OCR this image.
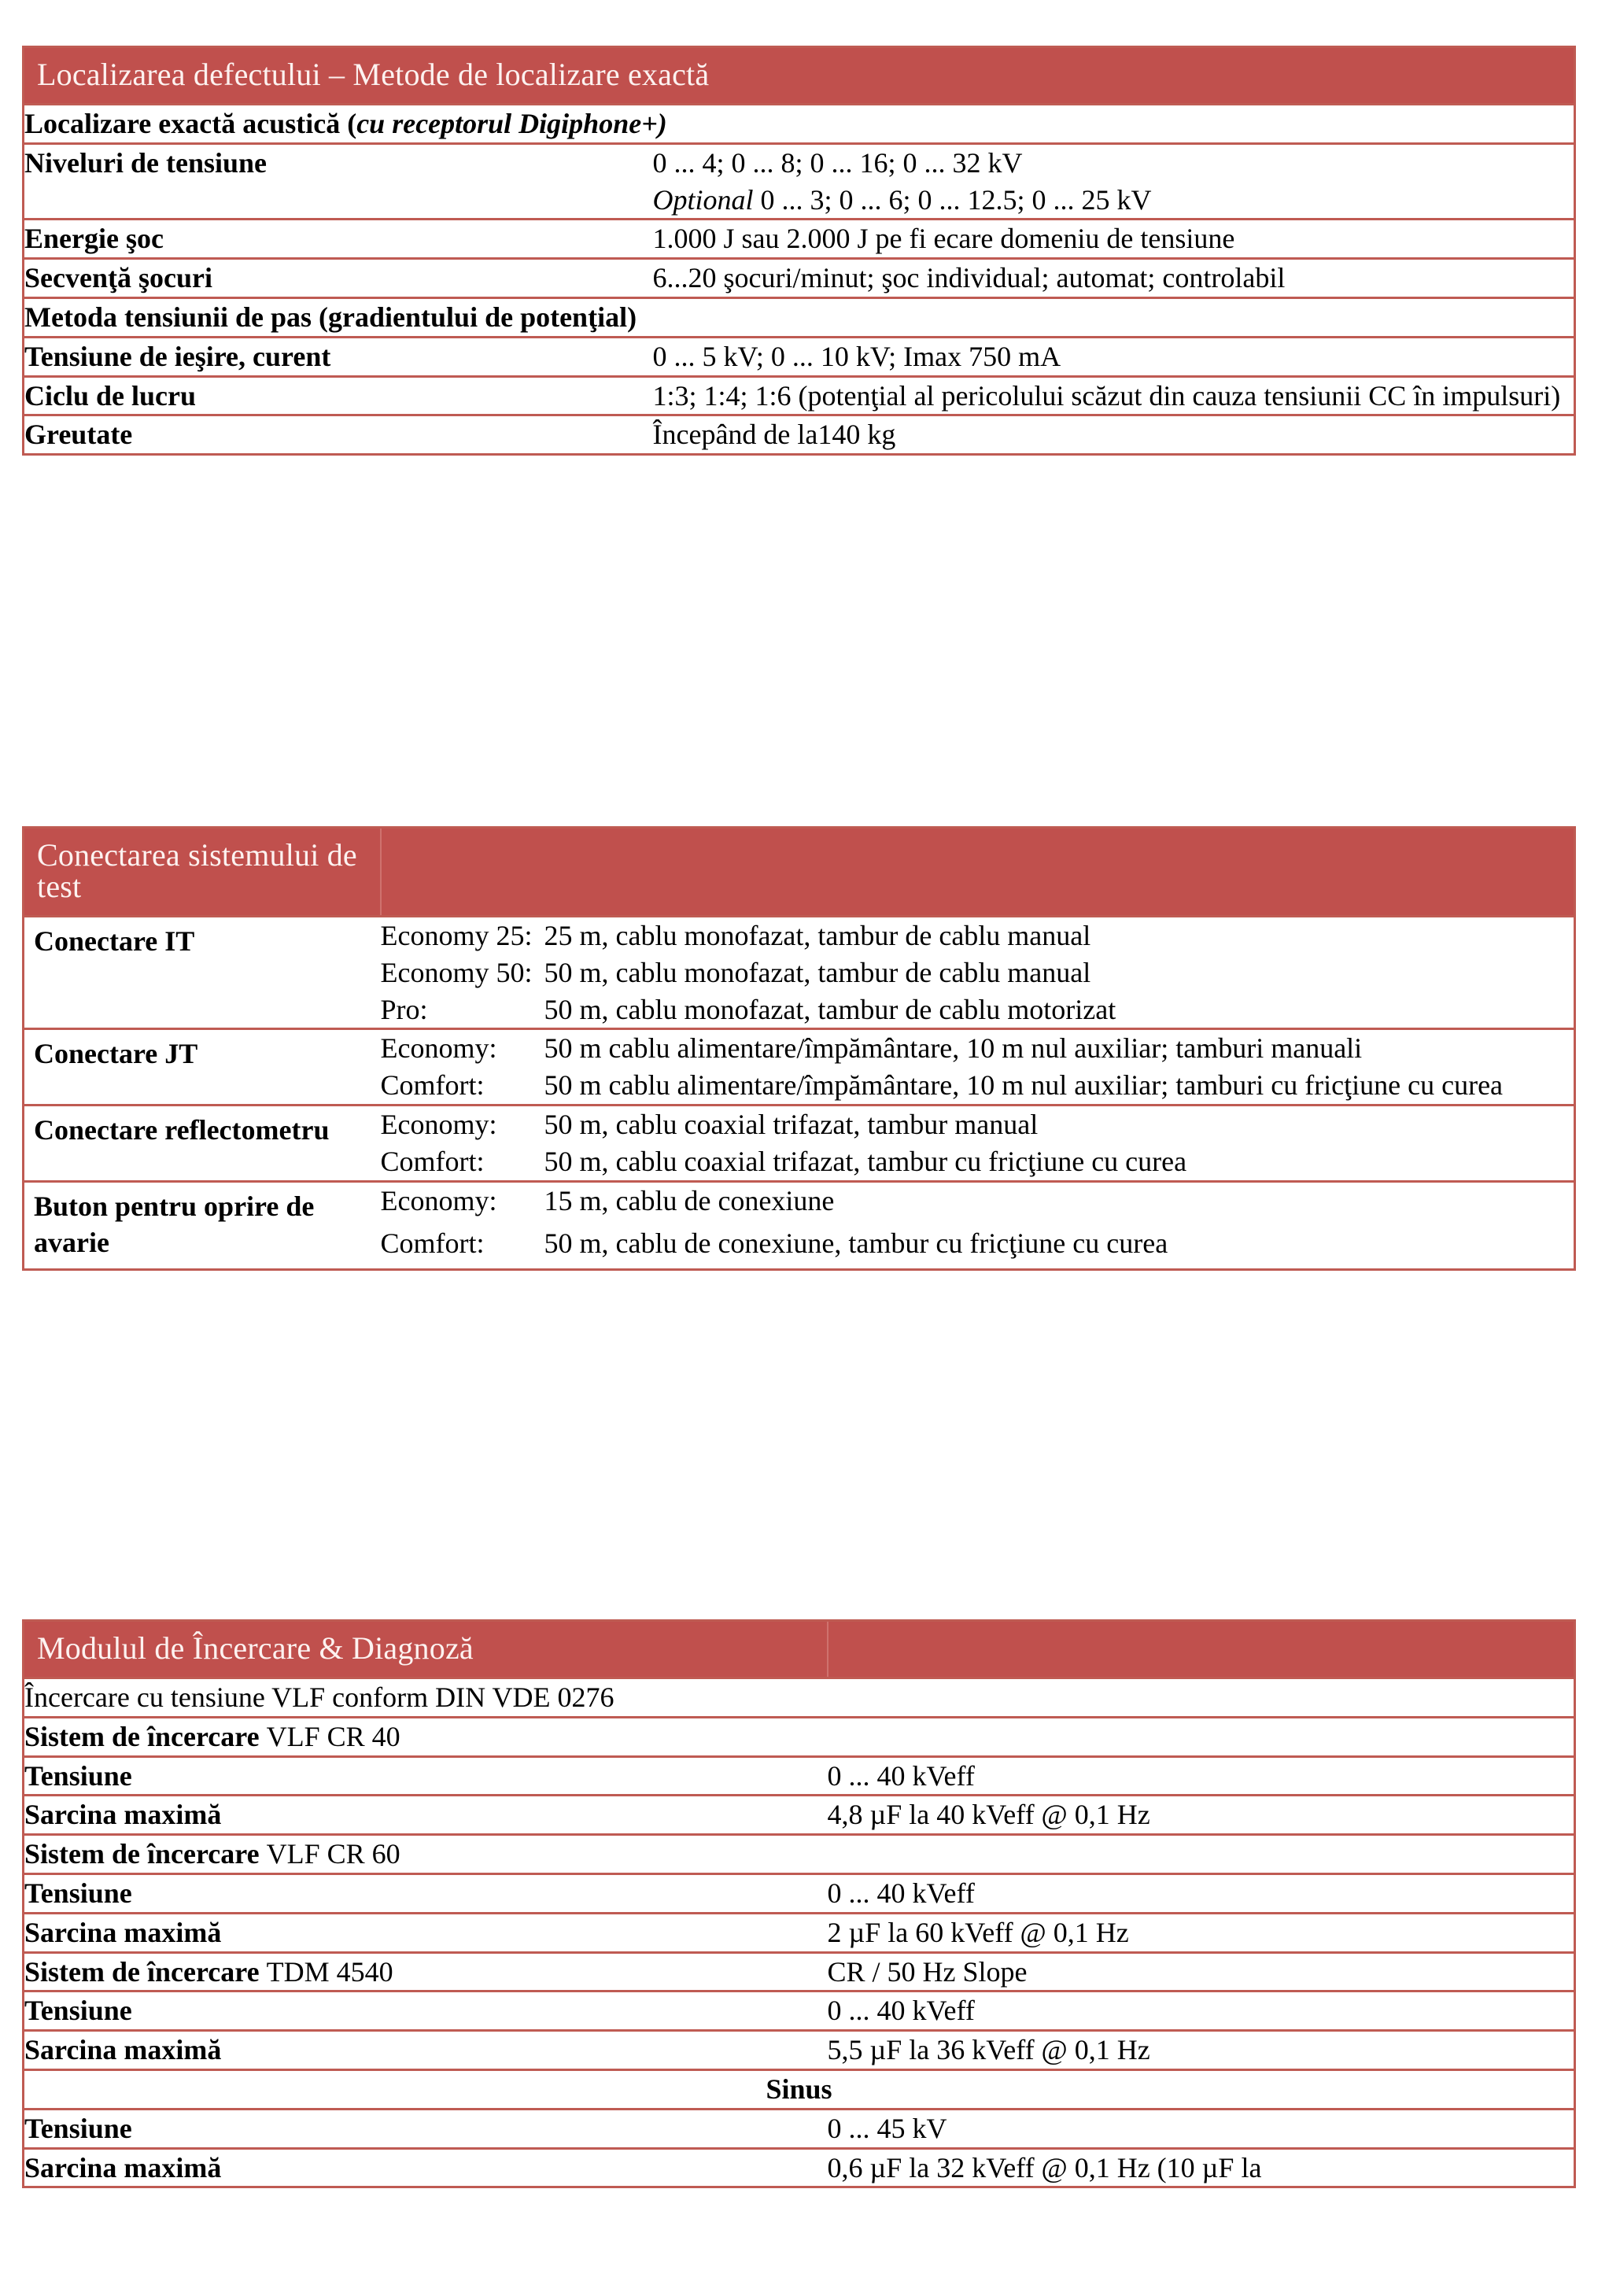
Localizarea defectului – Metode de localizare exactă	
Localizare exactă acustică (cu receptorul Digiphone+)	
Niveluri de tensiune	0 ... 4; 0 ... 8; 0 ... 16; 0 ... 32 kV
	Optional 0 ... 3; 0 ... 6; 0 ... 12.5; 0 ... 25 kV
Energie şoc	1.000 J sau 2.000 J pe fi ecare domeniu de tensiune
Secvenţă şocuri	6...20 şocuri/minut; şoc individual; automat; controlabil
Metoda tensiunii de pas (gradientului de potenţial)	
Tensiune de ieşire, curent	0 ... 5 kV; 0 ... 10 kV; Imax 750 mA
Ciclu de lucru	1:3; 1:4; 1:6 (potenţial al pericolului scăzut din cauza tensiunii CC în impulsuri)
Greutate	Începând de la140 kg
Conectarea sistemului de test		
Conectare IT	Economy 25:	25 m, cablu monofazat, tambur de cablu manual
	Economy 50:	50 m, cablu monofazat, tambur de cablu manual
	Pro:	50 m, cablu monofazat, tambur de cablu motorizat
Conectare JT	Economy:	50 m cablu alimentare/împământare, 10 m nul auxiliar; tamburi manuali
	Comfort:	50 m cablu alimentare/împământare, 10 m nul auxiliar; tamburi cu fricţiune cu curea
Conectare reflectometru	Economy:	50 m, cablu coaxial trifazat, tambur manual
	Comfort:	50 m, cablu coaxial trifazat, tambur cu fricţiune cu curea
Buton pentru oprire de avarie	Economy:	15 m, cablu de conexiune
	Comfort:	50 m, cablu de conexiune, tambur cu fricţiune cu curea
Modulul de Încercare & Diagnoză	
Încercare cu tensiune VLF conform DIN VDE 0276	
Sistem de încercare VLF CR 40	
Tensiune	0 ... 40 kVeff
Sarcina maximă	4,8 µF la 40 kVeff @ 0,1 Hz
Sistem de încercare VLF CR 60	
Tensiune	0 ... 40 kVeff
Sarcina maximă	2 µF la 60 kVeff @ 0,1 Hz
Sistem de încercare TDM 4540	CR / 50 Hz Slope
Tensiune	0 ... 40 kVeff
Sarcina maximă	5,5 µF la 36 kVeff @ 0,1 Hz
Sinus	
Tensiune	0 ... 45 kV
Sarcina maximă	0,6 µF la 32 kVeff @ 0,1 Hz (10 µF la
